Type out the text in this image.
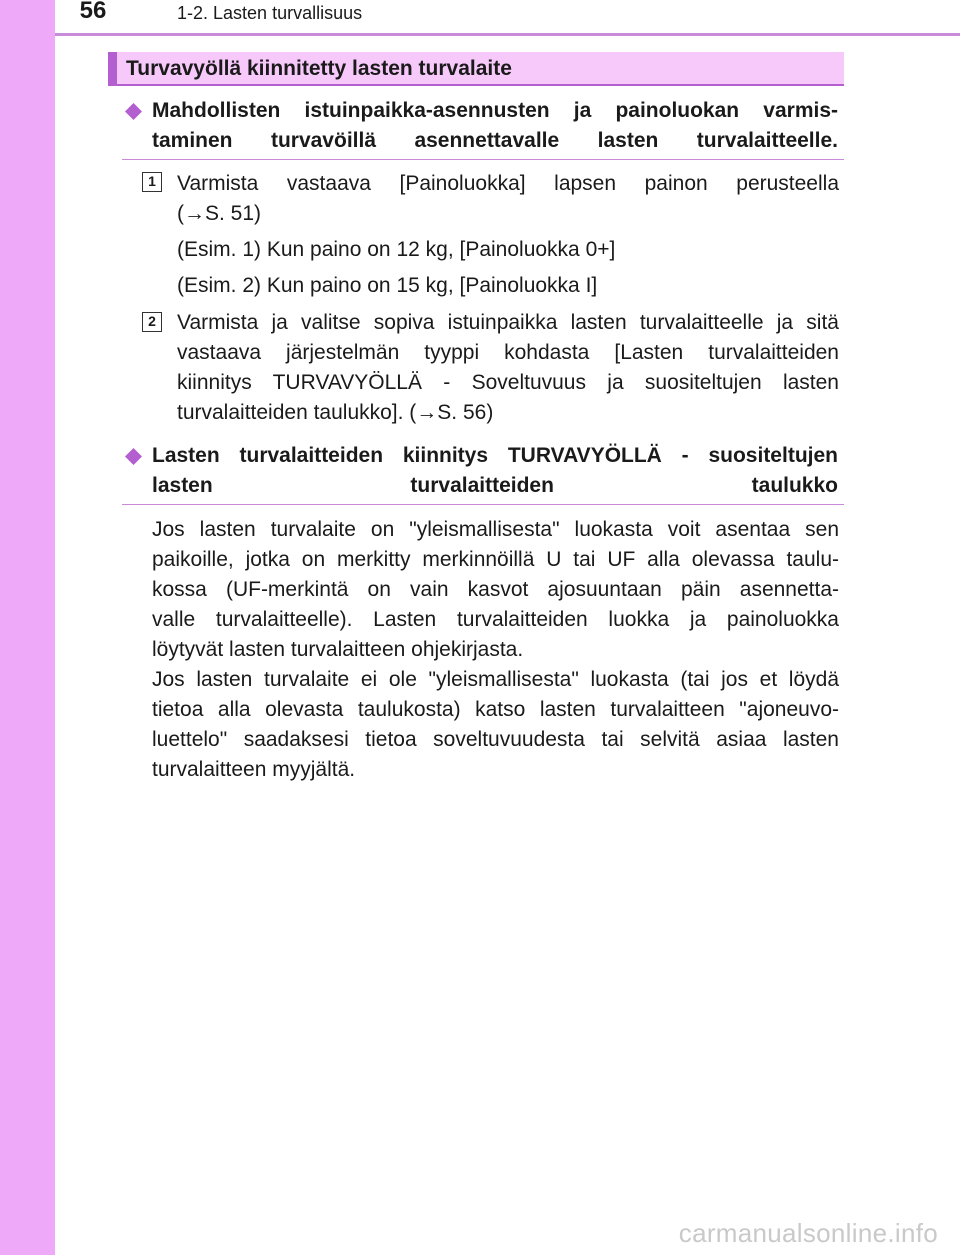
56	1-2. Lasten turvallisuus
Turvavyöllä kiinnitetty lasten turvalaite
Mahdollisten istuinpaikka-asennusten ja painoluokan varmis-
taminen turvavöillä asennettavalle lasten turvalaitteelle.
1 Varmista vastaava [Painoluokka] lapsen painon perusteella
(→S. 51)
(Esim. 1) Kun paino on 12 kg, [Painoluokka 0+]
(Esim. 2) Kun paino on 15 kg, [Painoluokka I]
2 Varmista ja valitse sopiva istuinpaikka lasten turvalaitteelle ja sitä
vastaava järjestelmän tyyppi kohdasta [Lasten turvalaitteiden
kiinnitys TURVAVYÖLLÄ - Soveltuvuus ja suositeltujen lasten
turvalaitteiden taulukko]. (→S. 56)
Lasten turvalaitteiden kiinnitys TURVAVYÖLLÄ - suositeltujen
lasten turvalaitteiden taulukko
Jos lasten turvalaite on "yleismallisesta" luokasta voit asentaa sen
paikoille, jotka on merkitty merkinnöillä U tai UF alla olevassa taulu-
kossa (UF-merkintä on vain kasvot ajosuuntaan päin asennetta-
valle turvalaitteelle). Lasten turvalaitteiden luokka ja painoluokka
löytyvät lasten turvalaitteen ohjekirjasta.
Jos lasten turvalaite ei ole "yleismallisesta" luokasta (tai jos et löydä
tietoa alla olevasta taulukosta) katso lasten turvalaitteen "ajoneuvo-
luettelo" saadaksesi tietoa soveltuvuudesta tai selvitä asiaa lasten
turvalaitteen myyjältä.
carmanualsonline.info
